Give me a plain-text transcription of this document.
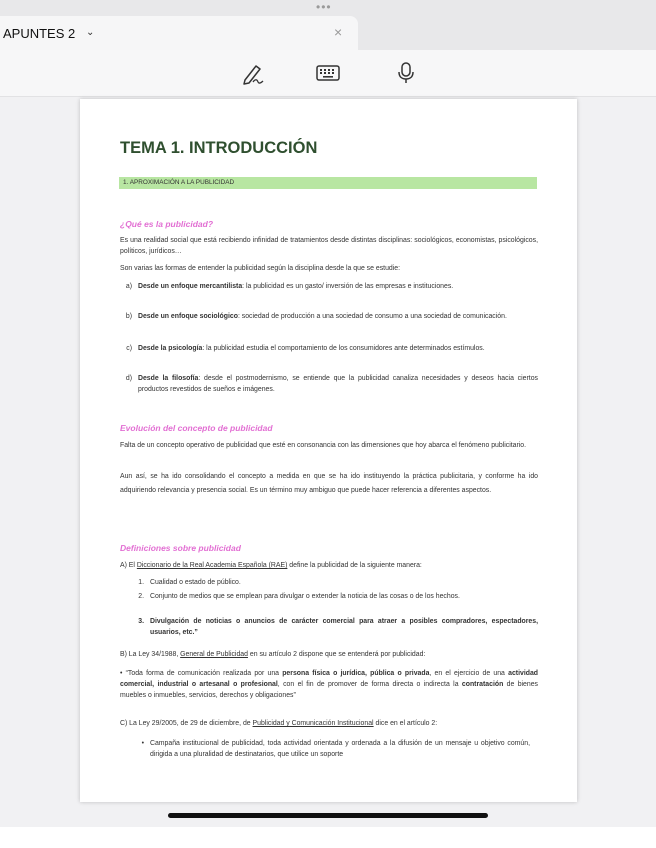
•••
APUNTES 2 ⌄	×
TEMA 1. INTRODUCCIÓN
1. APROXIMACIÓN A LA PUBLICIDAD
¿Qué es la publicidad?
Es una realidad social que está recibiendo infinidad de tratamientos desde distintas disciplinas: sociológicos, economistas, psicológicos, políticos, jurídicos…
Son varias las formas de entender la publicidad según la disciplina desde la que se estudie:
a) Desde un enfoque mercantilista: la publicidad es un gasto/ inversión de las empresas e instituciones.
b) Desde un enfoque sociológico: sociedad de producción a una sociedad de consumo a una sociedad de comunicación.
c) Desde la psicología: la publicidad estudia el comportamiento de los consumidores ante determinados estímulos.
d) Desde la filosofía: desde el postmodernismo, se entiende que la publicidad canaliza necesidades y deseos hacia ciertos productos revestidos de sueños e imágenes.
Evolución del concepto de publicidad
Falta de un concepto operativo de publicidad que esté en consonancia con las dimensiones que hoy abarca el fenómeno publicitario.
Aun así, se ha ido consolidando el concepto a medida en que se ha ido instituyendo la práctica publicitaria, y conforme ha ido adquiriendo relevancia y presencia social. Es un término muy ambiguo que puede hacer referencia a diferentes aspectos.
Definiciones sobre publicidad
A) El Diccionario de la Real Academia Española (RAE) define la publicidad de la siguiente manera:
1. Cualidad o estado de público.
2. Conjunto de medios que se emplean para divulgar o extender la noticia de las cosas o de los hechos.
3. Divulgación de noticias o anuncios de carácter comercial para atraer a posibles compradores, espectadores, usuarios, etc.”
B) La Ley 34/1988, General de Publicidad en su artículo 2 dispone que se entenderá por publicidad:
• “Toda forma de comunicación realizada por una persona física o jurídica, pública o privada, en el ejercicio de una actividad comercial, industrial o artesanal o profesional, con el fin de promover de forma directa o indirecta la contratación de bienes muebles o inmuebles, servicios, derechos y obligaciones”
C) La Ley 29/2005, de 29 de diciembre, de Publicidad y Comunicación Institucional dice en el artículo 2:
• Campaña institucional de publicidad, toda actividad orientada y ordenada a la difusión de un mensaje u objetivo común, dirigida a una pluralidad de destinatarios, que utilice un soporte
